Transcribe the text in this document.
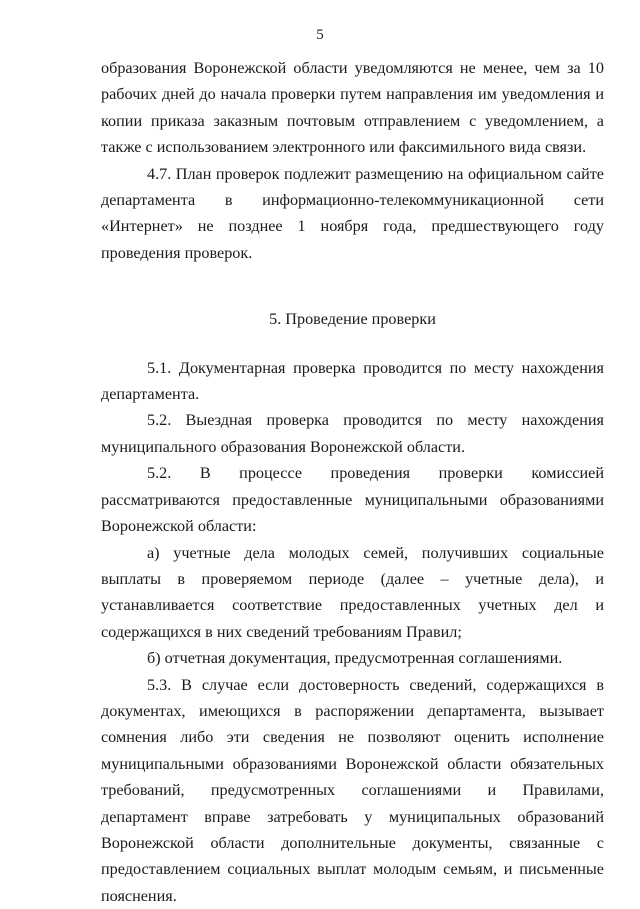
5

образования Воронежской области уведомляются не менее, чем за 10 рабочих дней до начала проверки путем направления им уведомления и копии приказа заказным почтовым отправлением с уведомлением, а также с использованием электронного или факсимильного вида связи.

4.7. План проверок подлежит размещению на официальном сайте департамента в информационно-телекоммуникационной сети «Интернет» не позднее 1 ноября года, предшествующего году проведения проверок.

5. Проведение проверки

5.1. Документарная проверка проводится по месту нахождения департамента.

5.2. Выездная проверка проводится по месту нахождения муниципального образования Воронежской области.

5.2. В процессе проведения проверки комиссией рассматриваются предоставленные муниципальными образованиями Воронежской области:

а) учетные дела молодых семей, получивших социальные выплаты в проверяемом периоде (далее – учетные дела), и устанавливается соответствие предоставленных учетных дел и содержащихся в них сведений требованиям Правил;

б) отчетная документация, предусмотренная соглашениями.

5.3. В случае если достоверность сведений, содержащихся в документах, имеющихся в распоряжении департамента, вызывает сомнения либо эти сведения не позволяют оценить исполнение муниципальными образованиями Воронежской области обязательных требований, предусмотренных соглашениями и Правилами, департамент вправе затребовать у муниципальных образований Воронежской области дополнительные документы, связанные с предоставлением социальных выплат молодым семьям, и письменные пояснения.
